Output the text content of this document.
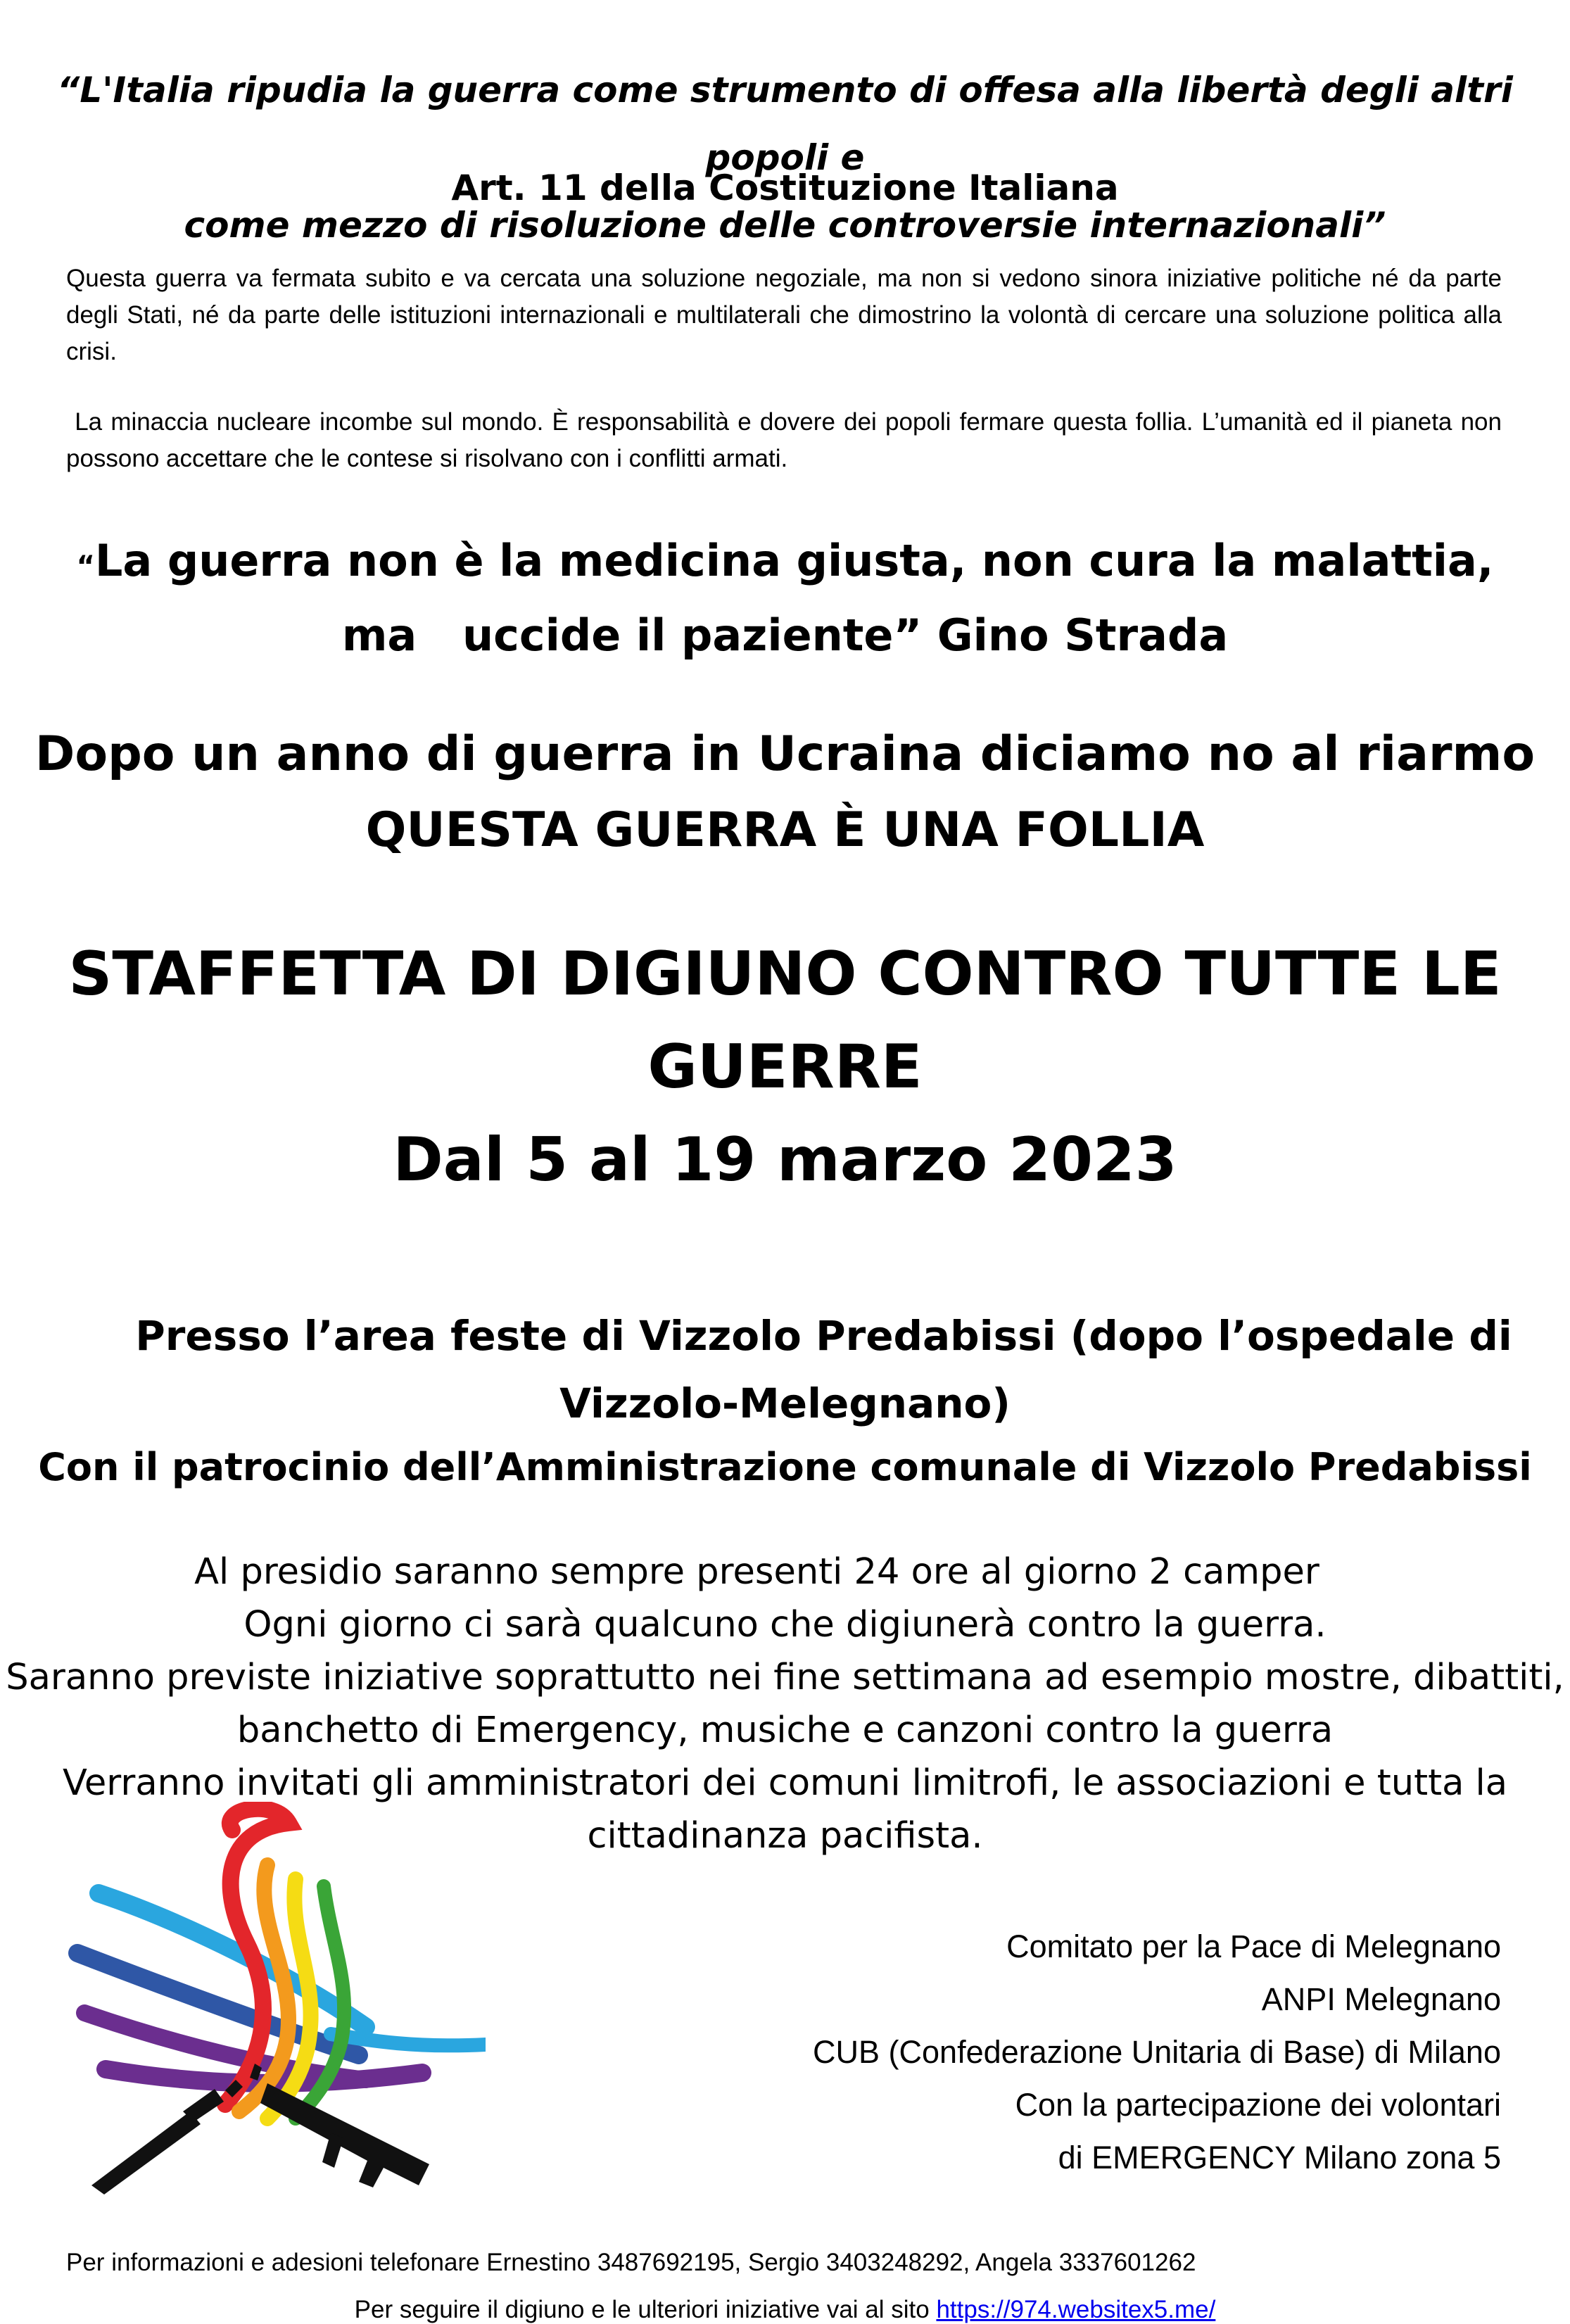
“L'Italia ripudia la guerra come strumento di offesa alla libertà degli altri popoli e
come mezzo di risoluzione delle controversie internazionali”
Art. 11 della Costituzione Italiana
Questa guerra va fermata subito e va cercata una soluzione negoziale, ma non si vedono sinora iniziative politiche né da parte degli Stati, né da parte delle istituzioni internazionali e multilaterali che dimostrino la volontà di cercare una soluzione politica alla crisi.
La minaccia nucleare incombe sul mondo. È responsabilità e dovere dei popoli fermare questa follia. L’umanità ed il pianeta non possono accettare che le contese si risolvano con i conflitti armati.
“La guerra non è la medicina giusta, non cura la malattia,
ma   uccide il paziente” Gino Strada
Dopo un anno di guerra in Ucraina diciamo no al riarmo
QUESTA GUERRA È UNA FOLLIA
STAFFETTA DI DIGIUNO CONTRO TUTTE LE
GUERRE
Dal 5 al 19 marzo 2023
Presso l’area feste di Vizzolo Predabissi (dopo l’ospedale di
Vizzolo-Melegnano)
Con il patrocinio dell’Amministrazione comunale di Vizzolo Predabissi
Al presidio saranno sempre presenti 24 ore al giorno 2 camper
Ogni giorno ci sarà qualcuno che digiunerà contro la guerra.
Saranno previste iniziative soprattutto nei fine settimana ad esempio mostre, dibattiti,
banchetto di Emergency, musiche e canzoni contro la guerra
Verranno invitati gli amministratori dei comuni limitrofi, le associazioni e tutta la
cittadinanza pacifista.
Comitato per la Pace di Melegnano
ANPI Melegnano
CUB (Confederazione Unitaria di Base) di Milano
Con la partecipazione dei volontari
di EMERGENCY Milano zona 5
Per informazioni e adesioni telefonare Ernestino 3487692195, Sergio 3403248292, Angela 3337601262
Per seguire il digiuno e le ulteriori iniziative vai al sito https://974.websitex5.me/
